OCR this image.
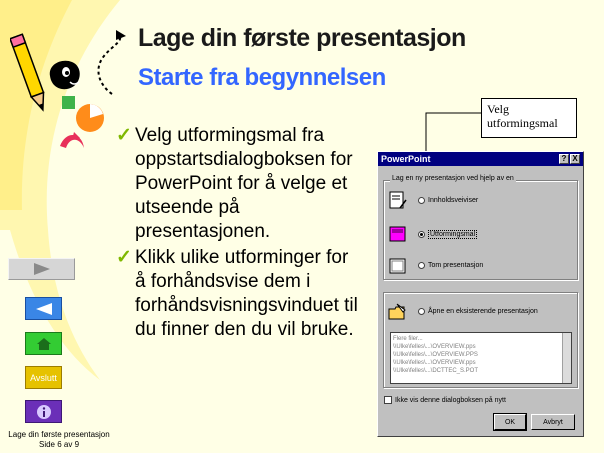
Lage din første presentasjon
Starte fra begynnelsen
✓ Velg utformingsmal fra oppstartsdialogboksen for PowerPoint for å velge et utseende på presentasjonen.
✓ Klikk ulike utforminger for å forhåndsvise dem i forhåndsvisningsvinduet til du finner den du vil bruke.
Avslutt
Lage din første presentasjon
Side 6 av 9
Velg utformingsmal
PowerPoint	? X
Lag en ny presentasjon ved hjelp av en
Innholdsveiviser
Utformingsmal
Tom presentasjon
Åpne en eksisterende presentasjon
Flere filer...
\\Ulke\felles\...\OVERVIEW.pps
\\Ulke\felles\...\OVERVIEW.PPS
\\Ulke\felles\...\OVERVIEW.pps
\\Ulke\felles\...\DCTTEC_S.POT
Ikke vis denne dialogboksen på nytt
OK	Avbryt
